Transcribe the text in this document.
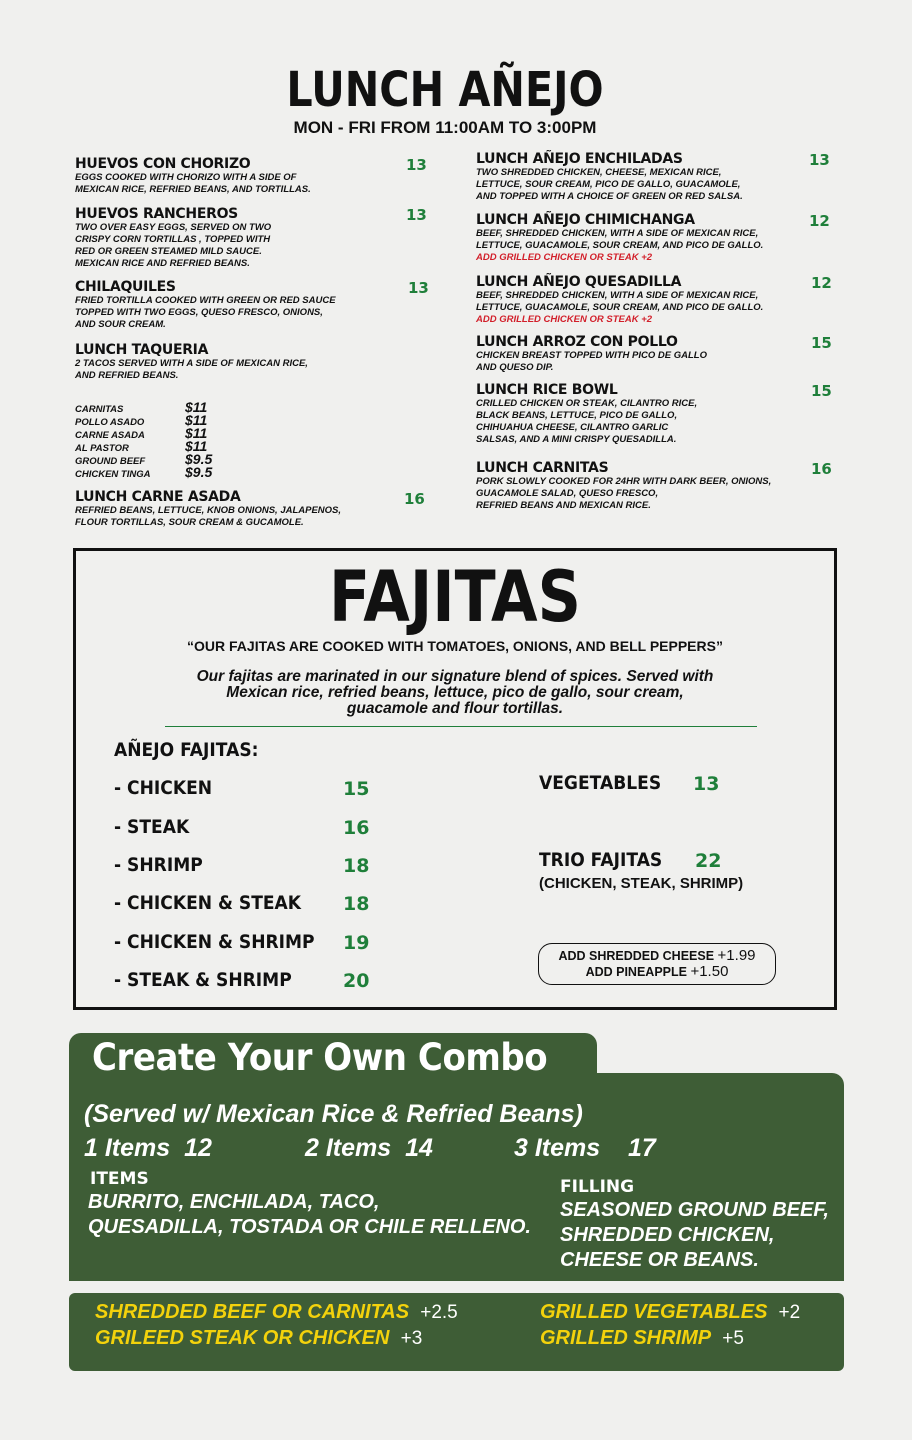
LUNCH AÑEJO
MON - FRI FROM 11:00AM TO 3:00PM
HUEVOS CON CHORIZO
EGGS COOKED WITH CHORIZO WITH A SIDE OF
MEXICAN RICE, REFRIED BEANS, AND TORTILLAS.
13
HUEVOS RANCHEROS
TWO OVER EASY EGGS, SERVED ON TWO
CRISPY CORN TORTILLAS , TOPPED WITH
RED OR GREEN STEAMED MILD SAUCE.
MEXICAN RICE AND REFRIED BEANS.
13
CHILAQUILES
FRIED TORTILLA COOKED WITH GREEN OR RED SAUCE
TOPPED WITH TWO EGGS, QUESO FRESCO, ONIONS,
AND SOUR CREAM.
13
LUNCH TAQUERIA
2 TACOS SERVED WITH A SIDE OF MEXICAN RICE,
AND REFRIED BEANS.
CARNITAS	$11
POLLO ASADO	$11
CARNE ASADA	$11
AL PASTOR	$11
GROUND BEEF	$9.5
CHICKEN TINGA	$9.5
LUNCH CARNE ASADA
REFRIED BEANS, LETTUCE, KNOB ONIONS, JALAPENOS,
FLOUR TORTILLAS, SOUR CREAM & GUCAMOLE.
16
LUNCH AÑEJO ENCHILADAS
TWO SHREDDED CHICKEN, CHEESE, MEXICAN RICE,
LETTUCE, SOUR CREAM, PICO DE GALLO, GUACAMOLE,
AND TOPPED WITH A CHOICE OF GREEN OR RED SALSA.
13
LUNCH AÑEJO CHIMICHANGA
BEEF, SHREDDED CHICKEN, WITH A SIDE OF MEXICAN RICE,
LETTUCE, GUACAMOLE, SOUR CREAM, AND PICO DE GALLO.
ADD GRILLED CHICKEN OR STEAK +2
12
LUNCH AÑEJO QUESADILLA
BEEF, SHREDDED CHICKEN, WITH A SIDE OF MEXICAN RICE,
LETTUCE, GUACAMOLE, SOUR CREAM, AND PICO DE GALLO.
ADD GRILLED CHICKEN OR STEAK +2
12
LUNCH ARROZ CON POLLO
CHICKEN BREAST TOPPED WITH PICO DE GALLO
AND QUESO DIP.
15
LUNCH RICE BOWL
CRILLED CHICKEN OR STEAK, CILANTRO RICE,
BLACK BEANS, LETTUCE, PICO DE GALLO,
CHIHUAHUA CHEESE, CILANTRO GARLIC
SALSAS, AND A MINI CRISPY QUESADILLA.
15
LUNCH CARNITAS
PORK SLOWLY COOKED FOR 24HR WITH DARK BEER, ONIONS,
GUACAMOLE SALAD, QUESO FRESCO,
REFRIED BEANS AND MEXICAN RICE.
16
FAJITAS
“OUR FAJITAS ARE COOKED WITH TOMATOES, ONIONS, AND BELL PEPPERS”
Our fajitas are marinated in our signature blend of spices. Served with
Mexican rice, refried beans, lettuce, pico de gallo, sour cream,
guacamole and flour tortillas.
AÑEJO FAJITAS:
- CHICKEN	15
- STEAK	16
- SHRIMP	18
- CHICKEN & STEAK 18
- CHICKEN & SHRIMP 19
- STEAK & SHRIMP	20
VEGETABLES 13
TRIO FAJITAS 22
(CHICKEN, STEAK, SHRIMP)
ADD SHREDDED CHEESE +1.99
ADD PINEAPPLE +1.50
Create Your Own Combo
(Served w/ Mexican Rice & Refried Beans)
1 Items 12	2 Items 14	3 Items 17
ITEMS
BURRITO, ENCHILADA, TACO,
QUESADILLA, TOSTADA OR CHILE RELLENO.
FILLING
SEASONED GROUND BEEF,
SHREDDED CHICKEN,
CHEESE OR BEANS.
SHREDDED BEEF OR CARNITAS +2.5
GRILEED STEAK OR CHICKEN +3
GRILLED VEGETABLES +2
GRILLED SHRIMP +5
